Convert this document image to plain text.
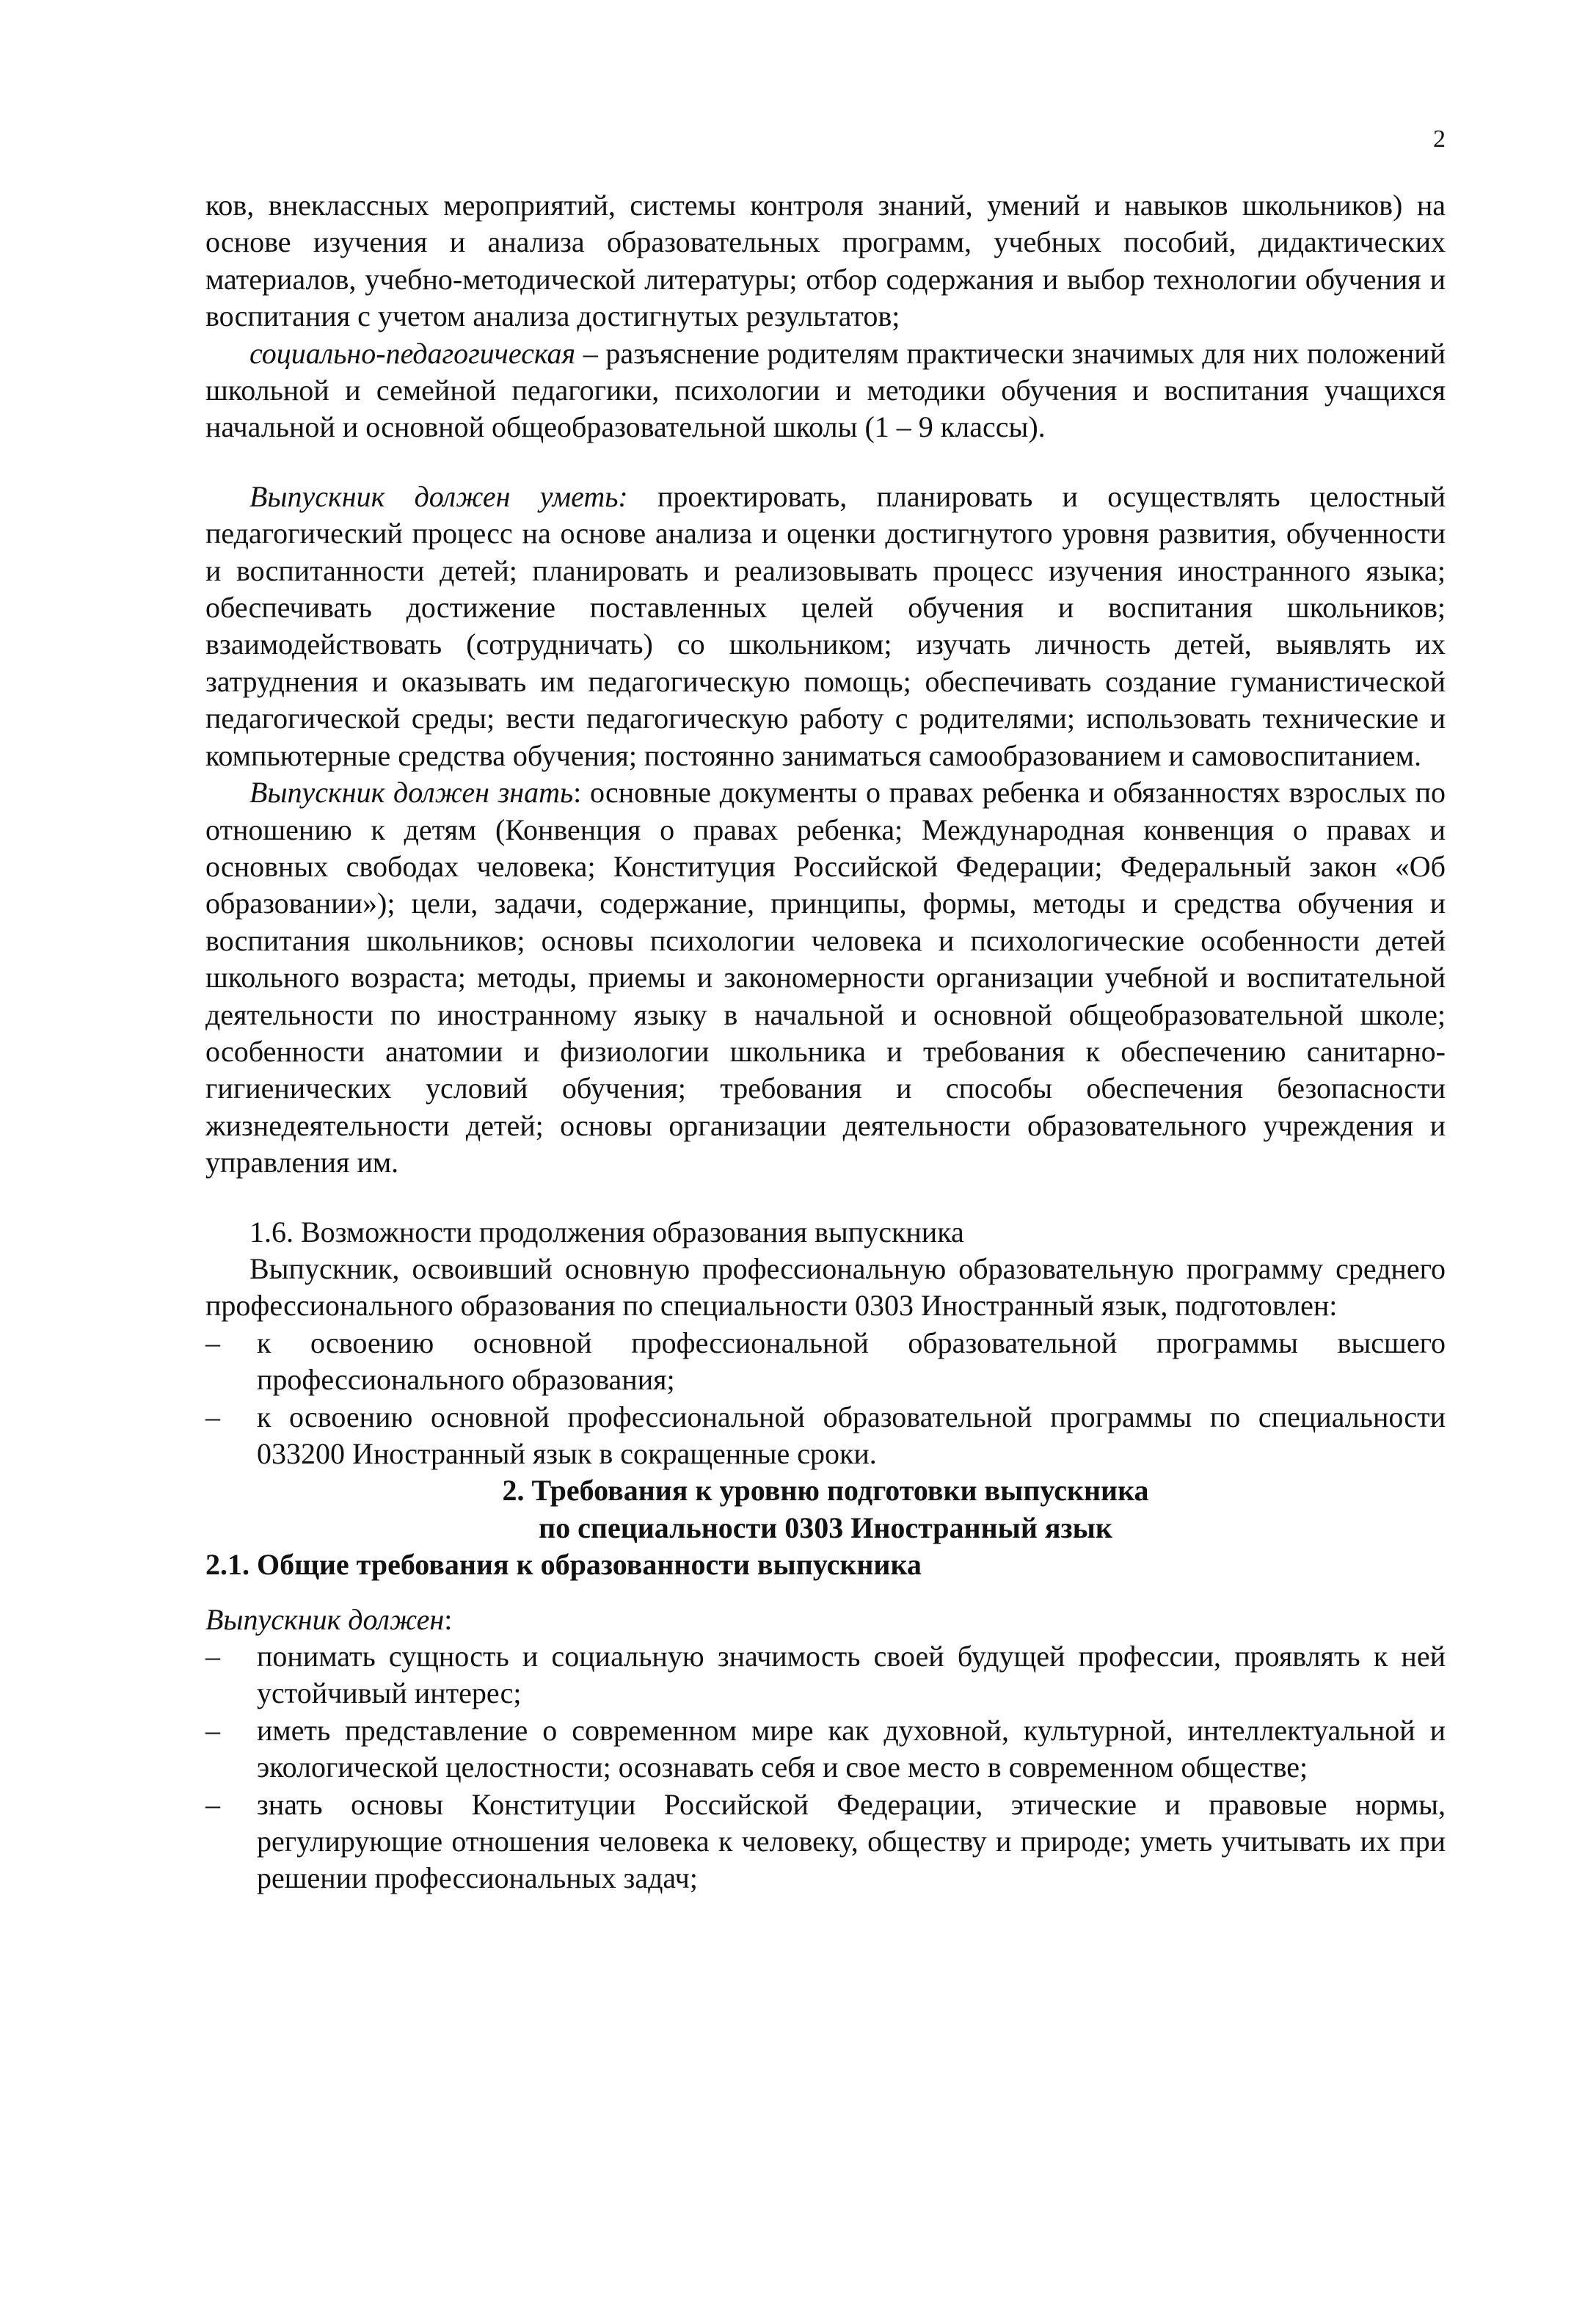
2

ков, внеклассных мероприятий, системы контроля знаний, умений и навыков школьников) на основе изучения и анализа образовательных программ, учебных пособий, дидактических материалов, учебно-методической литературы; отбор содержания и выбор технологии обучения и воспитания с учетом анализа достигнутых результатов;

социально-педагогическая – разъяснение родителям практически значимых для них положений школьной и семейной педагогики, психологии и методики обучения и воспитания учащихся начальной и основной общеобразовательной школы (1 – 9 классы).

Выпускник должен уметь: проектировать, планировать и осуществлять целостный педагогический процесс на основе анализа и оценки достигнутого уровня развития, обученности и воспитанности детей; планировать и реализовывать процесс изучения иностранного языка; обеспечивать достижение поставленных целей обучения и воспитания школьников; взаимодействовать (сотрудничать) со школьником; изучать личность детей, выявлять их затруднения и оказывать им педагогическую помощь; обеспечивать создание гуманистической педагогической среды; вести педагогическую работу с родителями; использовать технические и компьютерные средства обучения; постоянно заниматься самообразованием и самовоспитанием.

Выпускник должен знать: основные документы о правах ребенка и обязанностях взрослых по отношению к детям (Конвенция о правах ребенка; Международная конвенция о правах и основных свободах человека; Конституция Российской Федерации; Федеральный закон «Об образовании»); цели, задачи, содержание, принципы, формы, методы и средства обучения и воспитания школьников; основы психологии человека и психологические особенности детей школьного возраста; методы, приемы и закономерности организации учебной и воспитательной деятельности по иностранному языку в начальной и основной общеобразовательной школе; особенности анатомии и физиологии школьника и требования к обеспечению санитарно-гигиенических условий обучения; требования и способы обеспечения безопасности жизнедеятельности детей; основы организации деятельности образовательного учреждения и управления им.

1.6. Возможности продолжения образования выпускника

Выпускник, освоивший основную профессиональную образовательную программу среднего профессионального образования по специальности 0303 Иностранный язык, подготовлен:

–	к освоению основной профессиональной образовательной программы высшего профессионального образования;
–	к освоению основной профессиональной образовательной программы по специальности 033200 Иностранный язык в сокращенные сроки.

2. Требования к уровню подготовки выпускника

по специальности 0303 Иностранный язык

2.1. Общие требования к образованности выпускника

Выпускник должен:

–	понимать сущность и социальную значимость своей будущей профессии, проявлять к ней устойчивый интерес;
–	иметь представление о современном мире как духовной, культурной, интеллектуальной и экологической целостности; осознавать себя и свое место в современном обществе;
–	знать основы Конституции Российской Федерации, этические и правовые нормы, регулирующие отношения человека к человеку, обществу и природе; уметь учитывать их при решении профессиональных задач;
